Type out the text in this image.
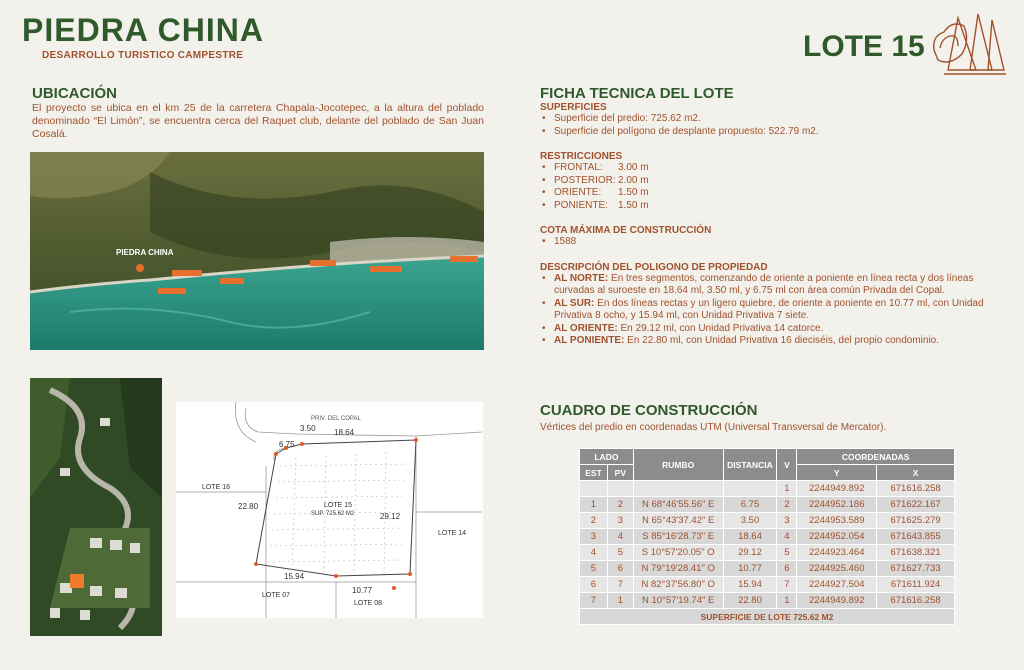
PIEDRA CHINA
DESARROLLO TURISTICO CAMPESTRE	LOTE 15
UBICACIÓN
El proyecto se ubica en el km 25 de la carretera Chapala-Jocotepec, a la altura del poblado denominado “El Limón”, se encuentra cerca del Raquet club, delante del poblado de San Juan Cosalá.
PIEDRA CHINA
PRIV. DEL COPAL
6.75
3.50 18.64
22.80
29.12
15.94
10.77
LOTE 15
SUP. 725.62 M2
LOTE 16
LOTE 14
LOTE 07
LOTE 08
FICHA TECNICA DEL LOTE
SUPERFICIES
• Superficie del predio: 725.62 m2.
• Superficie del polígono de desplante propuesto: 522.79 m2.
RESTRICCIONES
• FRONTAL: 3.00 m
• POSTERIOR: 2.00 m
• ORIENTE: 1.50 m
• PONIENTE: 1.50 m
COTA MÁXIMA DE CONSTRUCCIÓN
• 1588
DESCRIPCIÓN DEL POLIGONO DE PROPIEDAD
• AL NORTE: En tres segmentos, comenzando de oriente a poniente en línea recta y dos líneas curvadas al suroeste en 18.64 ml, 3.50 ml, y 6.75 ml con área común Privada del Copal.
• AL SUR: En dos líneas rectas y un ligero quiebre, de oriente a poniente en 10.77 ml, con Unidad Privativa 8 ocho, y 15.94 ml, con Unidad Privativa 7 siete.
• AL ORIENTE: En 29.12 ml, con Unidad Privativa 14 catorce.
• AL PONIENTE: En 22.80 ml, con Unidad Privativa 16 dieciséis, del propio condominio.
CUADRO DE CONSTRUCCIÓN
Vértices del predio en coordenadas UTM (Universal Transversal de Mercator).
LADO		RUMBO	DISTANCIA	V	COORDENADAS	
EST	PV				Y	X
				1	2244949.892	671616.258
1	2	N 68°46'55.56" E	6.75	2	2244952.186	671622.167
2	3	N 65°43'37.42" E	3.50	3	2244953.589	671625.279
3	4	S 85°16'28.73" E	18.64	4	2244952.054	671643.855
4	5	S 10°57'20.05" O	29.12	5	2244923.464	671638.321
5	6	N 79°19'28.41" O	10.77	6	2244925.460	671627.733
6	7	N 82°37'56.80" O	15.94	7	2244927.504	671611.924
7	1	N 10°57'19.74" E	22.80	1	2244949.892	671616.258
SUPERFICIE DE LOTE 725.62 M2						
